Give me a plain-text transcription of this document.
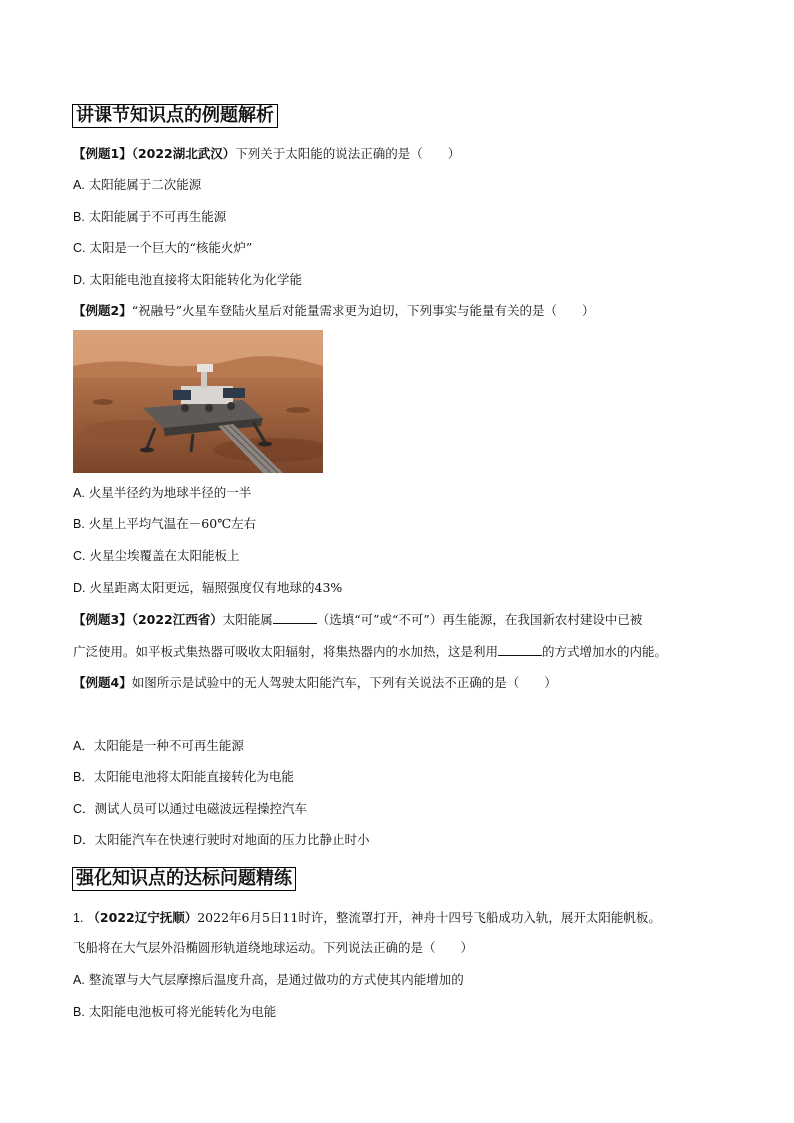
讲课节知识点的例题解析
【例题1】（2022湖北武汉）下列关于太阳能的说法正确的是（　　）
A. 太阳能属于二次能源
B. 太阳能属于不可再生能源
C. 太阳是一个巨大的“核能火炉”
D. 太阳能电池直接将太阳能转化为化学能
【例题2】“祝融号”火星车登陆火星后对能量需求更为迫切，下列事实与能量有关的是（　　）
A. 火星半径约为地球半径的一半
B. 火星上平均气温在－60℃左右
C. 火星尘埃覆盖在太阳能板上
D. 火星距离太阳更远，辐照强度仅有地球的43%
【例题3】（2022江西省）太阳能属	（选填“可”或“不可”）再生能源，在我国新农村建设中已被
广泛使用。如平板式集热器可吸收太阳辐射，将集热器内的水加热，这是利用	的方式增加水的内能。
【例题4】如图所示是试验中的无人驾驶太阳能汽车，下列有关说法不正确的是（　　）
A．太阳能是一种不可再生能源
B．太阳能电池将太阳能直接转化为电能
C．测试人员可以通过电磁波远程操控汽车
D．太阳能汽车在快速行驶时对地面的压力比静止时小
强化知识点的达标问题精练
1. （2022辽宁抚顺）2022年6月5日11时许，整流罩打开，神舟十四号飞船成功入轨，展开太阳能帆板。
飞船将在大气层外沿椭圆形轨道绕地球运动。下列说法正确的是（　　）
A. 整流罩与大气层摩擦后温度升高，是通过做功的方式使其内能增加的
B. 太阳能电池板可将光能转化为电能
